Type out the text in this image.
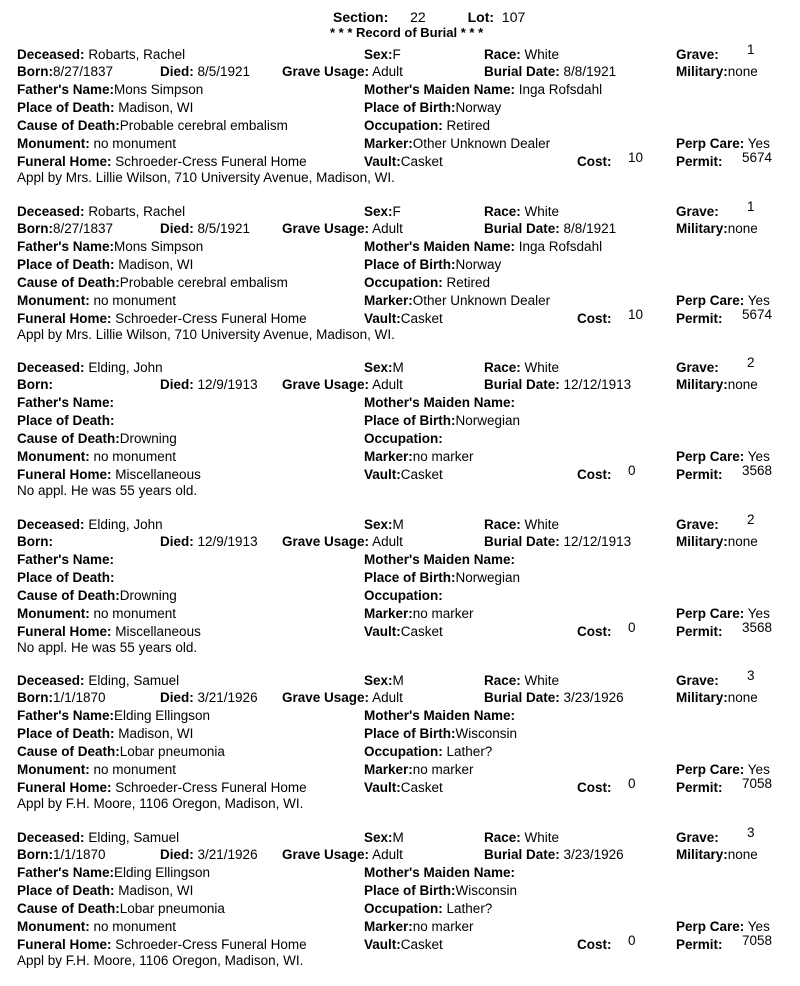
Section: 22	Lot: 107
* * * Record of Burial * * *
Deceased: Robarts, Rachel	Sex:F	Race: White	Grave: 1
Born:8/27/1837	Died: 8/5/1921 Grave Usage: Adult	Burial Date: 8/8/1921	Military:none
Father's Name:Mons Simpson	Mother's Maiden Name: Inga Rofsdahl
Place of Death: Madison, WI	Place of Birth:Norway
Cause of Death:Probable cerebral embalism	Occupation: Retired
Monument: no monument	Marker:Other Unknown Dealer	Perp Care: Yes
Funeral Home: Schroeder-Cress Funeral Home	Vault:Casket	Cost: 10 Permit: 5674
Appl by Mrs. Lillie Wilson, 710 University Avenue, Madison, WI.
Deceased: Robarts, Rachel	Sex:F	Race: White	Grave: 1
Born:8/27/1837	Died: 8/5/1921 Grave Usage: Adult	Burial Date: 8/8/1921	Military:none
Father's Name:Mons Simpson	Mother's Maiden Name: Inga Rofsdahl
Place of Death: Madison, WI	Place of Birth:Norway
Cause of Death:Probable cerebral embalism	Occupation: Retired
Monument: no monument	Marker:Other Unknown Dealer	Perp Care: Yes
Funeral Home: Schroeder-Cress Funeral Home	Vault:Casket	Cost: 10 Permit: 5674
Appl by Mrs. Lillie Wilson, 710 University Avenue, Madison, WI.
Deceased: Elding, John	Sex:M	Race: White	Grave: 2
Born:	Died: 12/9/1913 Grave Usage: Adult	Burial Date: 12/12/1913	Military:none
Father's Name:	Mother's Maiden Name:
Place of Death:	Place of Birth:Norwegian
Cause of Death:Drowning	Occupation:
Monument: no monument	Marker:no marker	Perp Care: Yes
Funeral Home: Miscellaneous	Vault:Casket	Cost: 0	Permit: 3568
No appl. He was 55 years old.
Deceased: Elding, John	Sex:M	Race: White	Grave: 2
Born:	Died: 12/9/1913 Grave Usage: Adult	Burial Date: 12/12/1913	Military:none
Father's Name:	Mother's Maiden Name:
Place of Death:	Place of Birth:Norwegian
Cause of Death:Drowning	Occupation:
Monument: no monument	Marker:no marker	Perp Care: Yes
Funeral Home: Miscellaneous	Vault:Casket	Cost: 0	Permit: 3568
No appl. He was 55 years old.
Deceased: Elding, Samuel	Sex:M	Race: White	Grave: 3
Born:1/1/1870	Died: 3/21/1926 Grave Usage: Adult	Burial Date: 3/23/1926	Military:none
Father's Name:Elding Ellingson	Mother's Maiden Name:
Place of Death: Madison, WI	Place of Birth:Wisconsin
Cause of Death:Lobar pneumonia	Occupation: Lather?
Monument: no monument	Marker:no marker	Perp Care: Yes
Funeral Home: Schroeder-Cress Funeral Home	Vault:Casket	Cost: 0	Permit: 7058
Appl by F.H. Moore, 1106 Oregon, Madison, WI.
Deceased: Elding, Samuel	Sex:M	Race: White	Grave: 3
Born:1/1/1870	Died: 3/21/1926 Grave Usage: Adult	Burial Date: 3/23/1926	Military:none
Father's Name:Elding Ellingson	Mother's Maiden Name:
Place of Death: Madison, WI	Place of Birth:Wisconsin
Cause of Death:Lobar pneumonia	Occupation: Lather?
Monument: no monument	Marker:no marker	Perp Care: Yes
Funeral Home: Schroeder-Cress Funeral Home	Vault:Casket	Cost: 0	Permit: 7058
Appl by F.H. Moore, 1106 Oregon, Madison, WI.
